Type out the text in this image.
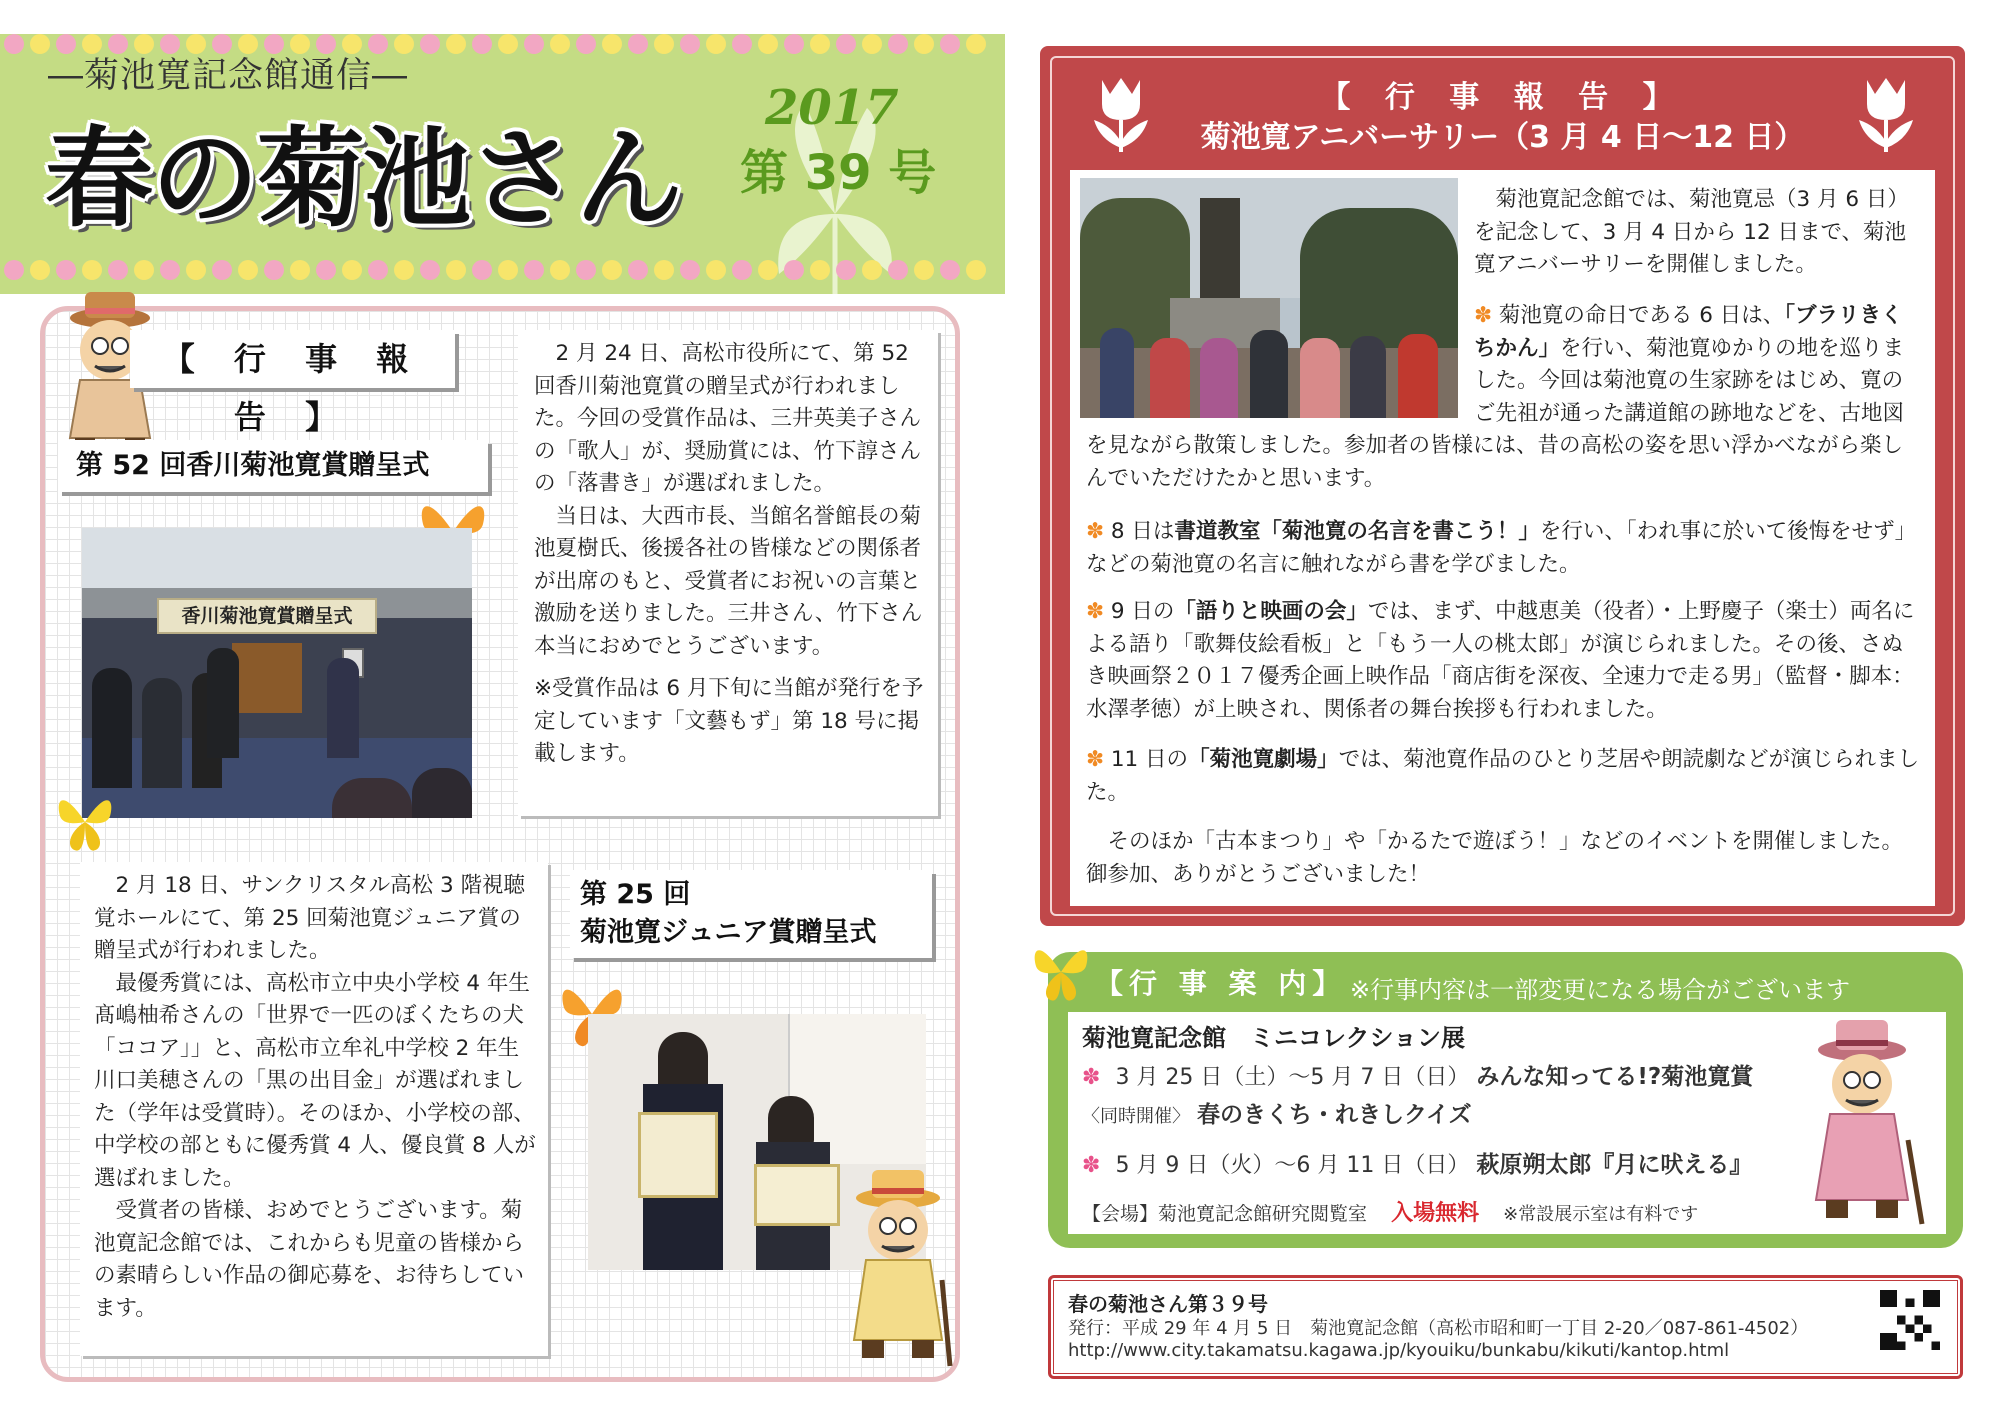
―菊池寛記念館通信―
春の菊池さん
2017
第 39 号
【 行 事 報 告 】
第 52 回香川菊池寛賞贈呈式
香川菊池寛賞贈呈式

2 月 24 日、高松市役所にて、第 52 回香川菊池寛賞の贈呈式が行われました。今回の受賞作品は、三井英美子さんの「歌人」が、奨励賞には、竹下諄さんの「落書き」が選ばれました。

当日は、大西市長、当館名誉館長の菊池夏樹氏、後援各社の皆様などの関係者が出席のもと、受賞者にお祝いの言葉と激励を送りました。三井さん、竹下さん本当におめでとうございます。

※受賞作品は 6 月下旬に当館が発行を予定しています「文藝もず」第 18 号に掲載します。

第 25 回
菊池寛ジュニア賞贈呈式

2 月 18 日、サンクリスタル高松 3 階視聴覚ホールにて、第 25 回菊池寛ジュニア賞の贈呈式が行われました。

最優秀賞には、高松市立中央小学校 4 年生髙嶋柚希さんの「世界で一匹のぼくたちの犬「ココア」」と、高松市立牟礼中学校 2 年生川口美穂さんの「黒の出目金」が選ばれました（学年は受賞時）。そのほか、小学校の部、中学校の部ともに優秀賞 4 人、優良賞 8 人が選ばれました。

受賞者の皆様、おめでとうございます。菊池寛記念館では、これからも児童の皆様からの素晴らしい作品の御応募を、お待ちしています。

【 行 事 報 告 】
菊池寛アニバーサリー（3 月 4 日～12 日）

菊池寛記念館では、菊池寛忌（3 月 6 日）を記念して、3 月 4 日から 12 日まで、菊池寛アニバーサリーを開催しました。

✽ 菊池寛の命日である 6 日は、「ブラリきくちかん」を行い、菊池寛ゆかりの地を巡りました。今回は菊池寛の生家跡をはじめ、寛のご先祖が通った講道館の跡地などを、古地図を見ながら散策しました。参加者の皆様には、昔の高松の姿を思い浮かべながら楽しんでいただけたかと思います。
✽ 8 日は書道教室「菊池寛の名言を書こう！」を行い、「われ事に於いて後悔をせず」などの菊池寛の名言に触れながら書を学びました。
✽ 9 日の「語りと映画の会」では、まず、中越恵美（役者）・上野慶子（楽士）両名による語り「歌舞伎絵看板」と「もう一人の桃太郎」が演じられました。その後、さぬき映画祭２０１７優秀企画上映作品「商店街を深夜、全速力で走る男」（監督・脚本：水澤孝徳）が上映され、関係者の舞台挨拶も行われました。
✽ 11 日の「菊池寛劇場」では、菊池寛作品のひとり芝居や朗読劇などが演じられました。

そのほか「古本まつり」や「かるたで遊ぼう！」などのイベントを開催しました。御参加、ありがとうございました！

【行 事 案 内】 ※行事内容は一部変更になる場合がございます
菊池寛記念館　ミニコレクション展
✽ 3 月 25 日（土）～5 月 7 日（日） みんな知ってる!?菊池寛賞
〈同時開催〉 春のきくち・れきしクイズ
✽ 5 月 9 日（火）～6 月 11 日（日） 萩原朔太郎『月に吠える』
【会場】菊池寛記念館研究閲覧室 入場無料 ※常設展示室は有料です
春の菊池さん第３９号
発行：平成 29 年 4 月 5 日　菊池寛記念館（高松市昭和町一丁目 2-20／087-861-4502）
http://www.city.takamatsu.kagawa.jp/kyouiku/bunkabu/kikuti/kantop.html
